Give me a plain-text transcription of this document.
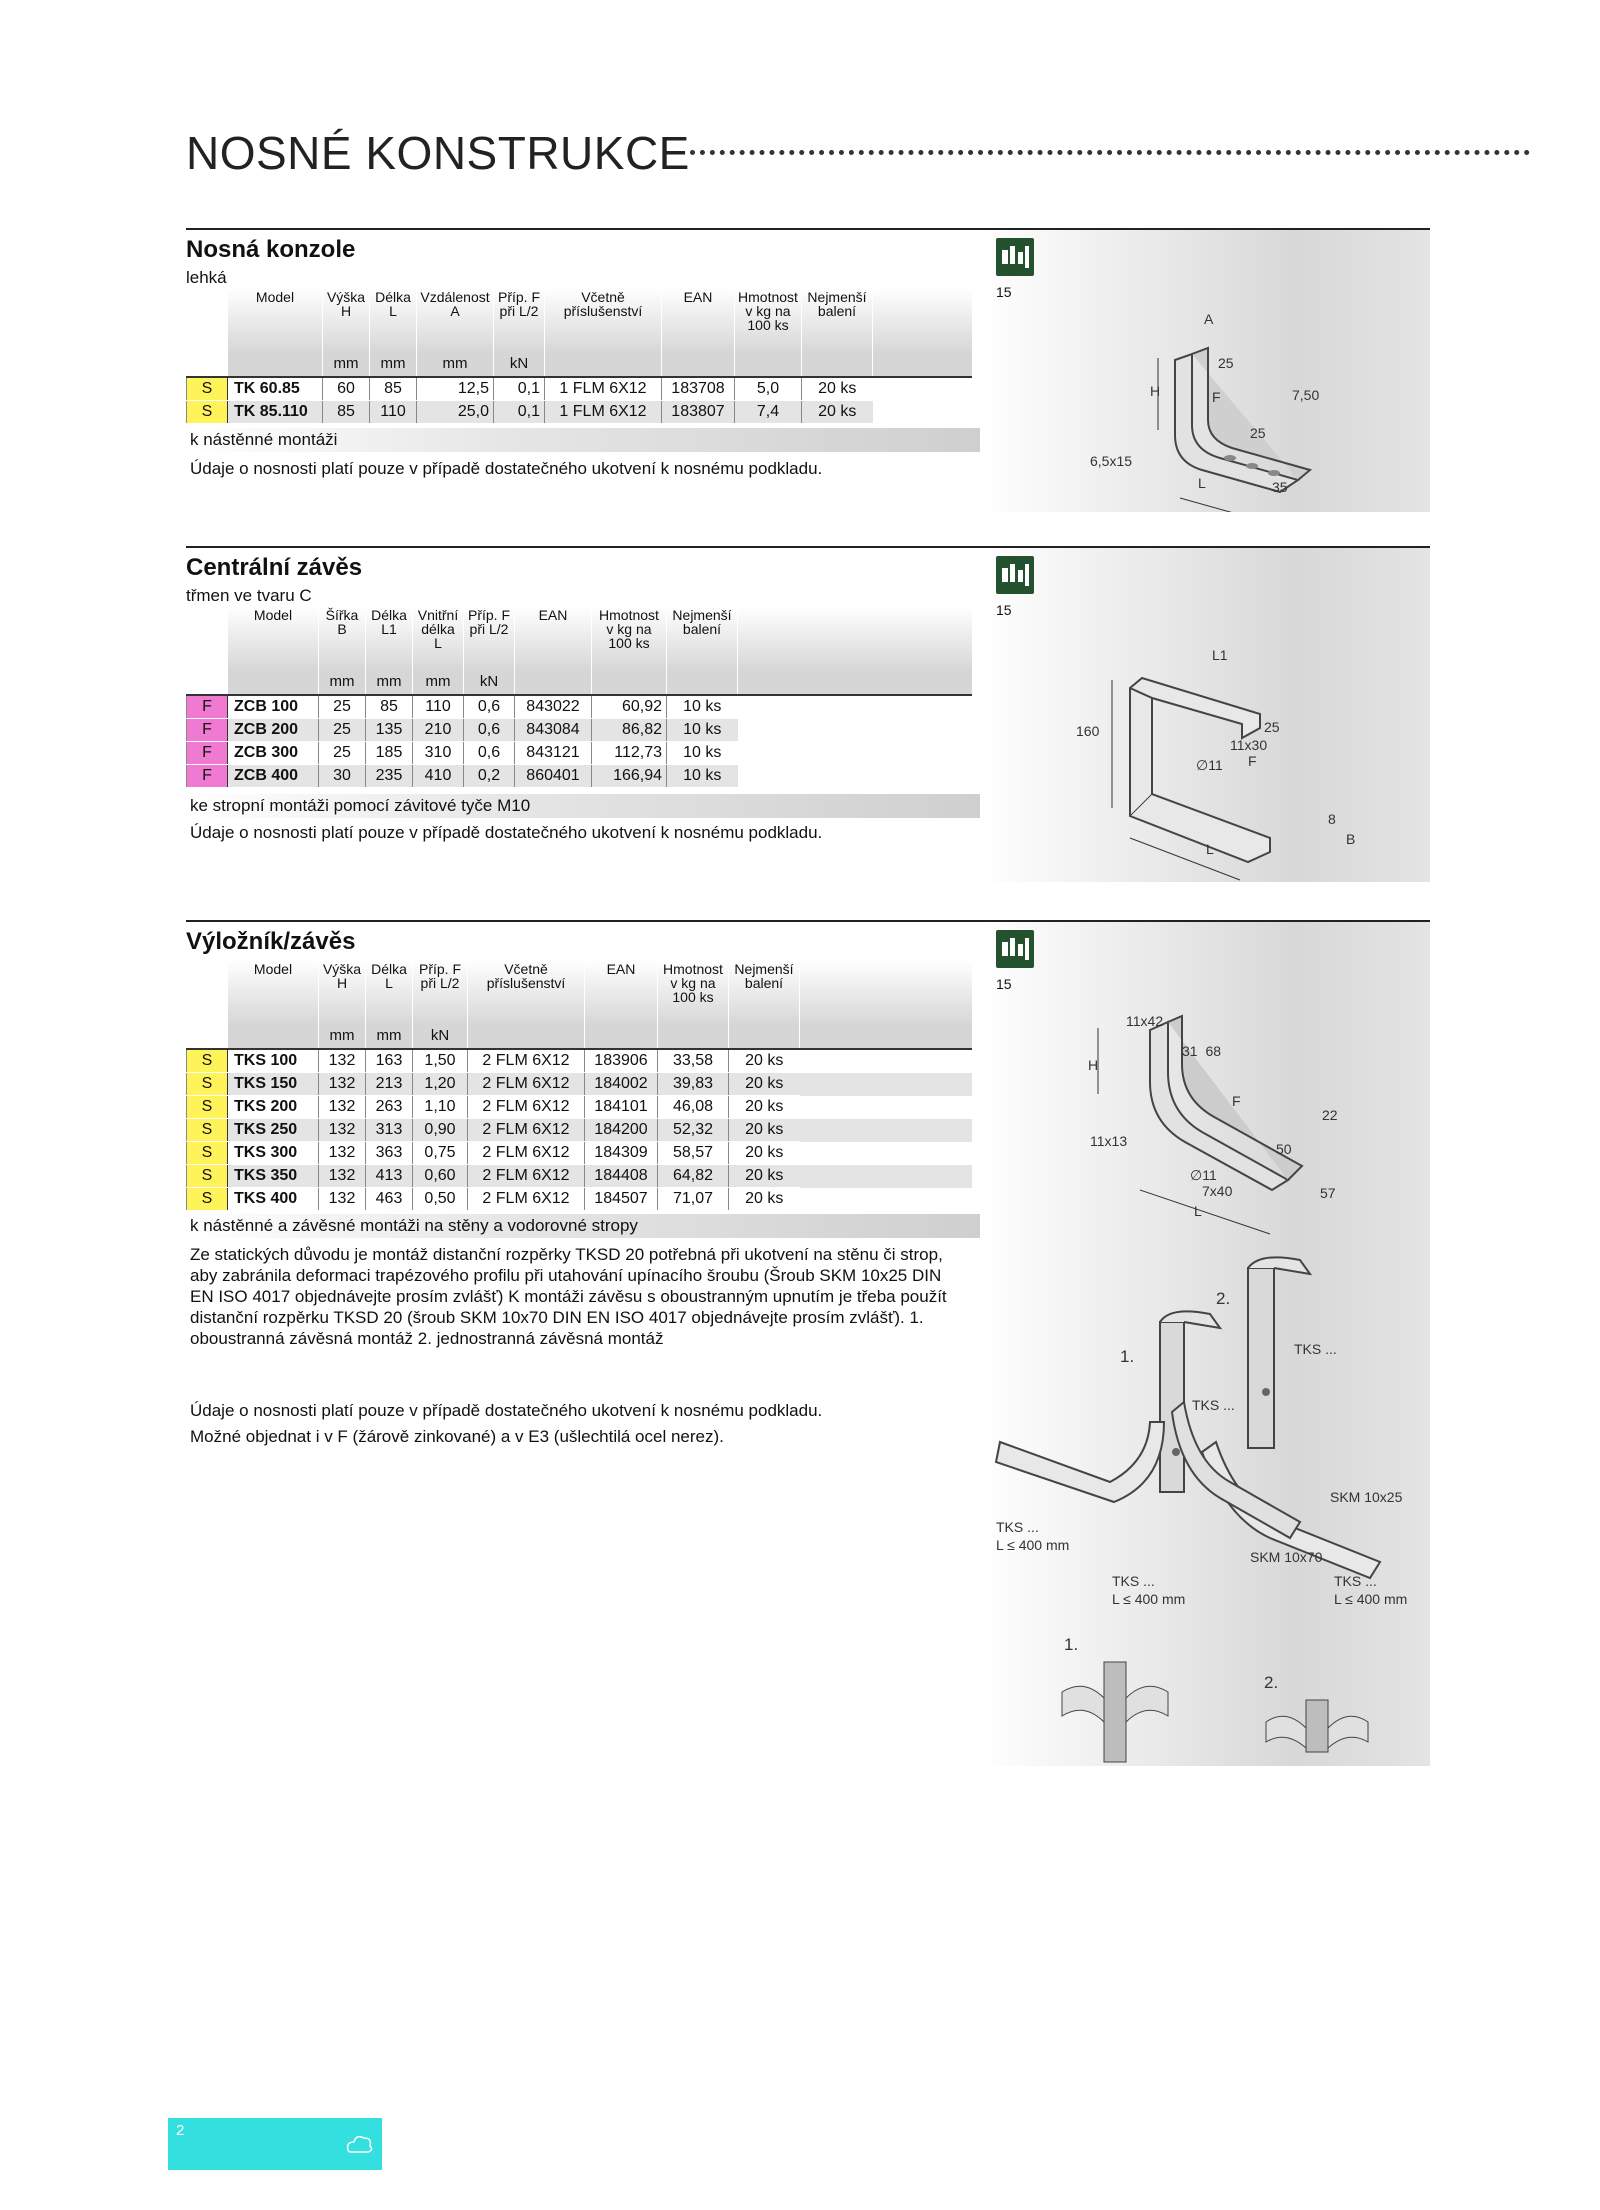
NOSNÉ KONSTRUKCE
Nosná konzole
lehká
	Model	Výška H	Délka L	Vzdálenost A	Příp. F při L/2	Včetně příslušenství	EAN	Hmotnost v kg na 100 ks	Nejmenší balení	
		mm	mm	mm	kN					
S	TK 60.85	60	85	12,5	0,1	1 FLM 6X12	183708	5,0	20 ks	
S	TK 85.110	85	110	25,0	0,1	1 FLM 6X12	183807	7,4	20 ks	
k nástěnné montáži
Údaje o nosnosti platí pouze v případě dostatečného ukotvení k nosnému podkladu.
15
A
25
H	F	7,50
25
6,5x15
L	35
Centrální závěs
třmen ve tvaru C
	Model	Šířka B	Délka L1	Vnitřní délka L	Příp. F při L/2	EAN	Hmotnost v kg na 100 ks	Nejmenší balení	
		mm	mm	mm	kN				
F	ZCB 100	25	85	110	0,6	843022	60,92	10 ks	
F	ZCB 200	25	135	210	0,6	843084	86,82	10 ks	
F	ZCB 300	25	185	310	0,6	843121	112,73	10 ks	
F	ZCB 400	30	235	410	0,2	860401	166,94	10 ks	
ke stropní montáži pomocí závitové tyče M10
Údaje o nosnosti platí pouze v případě dostatečného ukotvení k nosnému podkladu.
15
L1
160	25
11x30
∅11 F
8
B
L
Výložník/závěs
	Model	Výška H	Délka L	Příp. F při L/2	Včetně příslušenství	EAN	Hmotnost v kg na 100 ks	Nejmenší balení	
		mm	mm	kN					
S	TKS 100	132	163	1,50	2 FLM 6X12	183906	33,58	20 ks	
S	TKS 150	132	213	1,20	2 FLM 6X12	184002	39,83	20 ks	
S	TKS 200	132	263	1,10	2 FLM 6X12	184101	46,08	20 ks	
S	TKS 250	132	313	0,90	2 FLM 6X12	184200	52,32	20 ks	
S	TKS 300	132	363	0,75	2 FLM 6X12	184309	58,57	20 ks	
S	TKS 350	132	413	0,60	2 FLM 6X12	184408	64,82	20 ks	
S	TKS 400	132	463	0,50	2 FLM 6X12	184507	71,07	20 ks	
k nástěnné a závěsné montáži na stěny a vodorovné stropy
Ze statických důvodu je montáž distanční rozpěrky TKSD 20 potřebná při ukotvení na stěnu či strop, aby zabránila deformaci trapézového profilu při utahování upínacího šroubu (Šroub SKM 10x25 DIN EN ISO 4017 objednávejte prosím zvlášť) K montáži závěsu s oboustranným upnutím je třeba použít distanční rozpěrku TKSD 20 (šroub SKM 10x70 DIN EN ISO 4017 objednávejte prosím zvlášť). 1. oboustranná závěsná montáž 2. jednostranná závěsná montáž
Údaje o nosnosti platí pouze v případě dostatečného ukotvení k nosnému podkladu.
Možné objednat i v F (žárově zinkované) a v E3 (ušlechtilá ocel nerez).
15
11x42
31 68
H
F
22
11x13	50
∅11
7x40	57
L
2.
1.	TKS ...
TKS ...
SKM 10x25
TKS ...
L ≤ 400 mm
SKM 10x70
TKS ...
L ≤ 400 mm
TKS ...
L ≤ 400 mm
1.
2.
2
